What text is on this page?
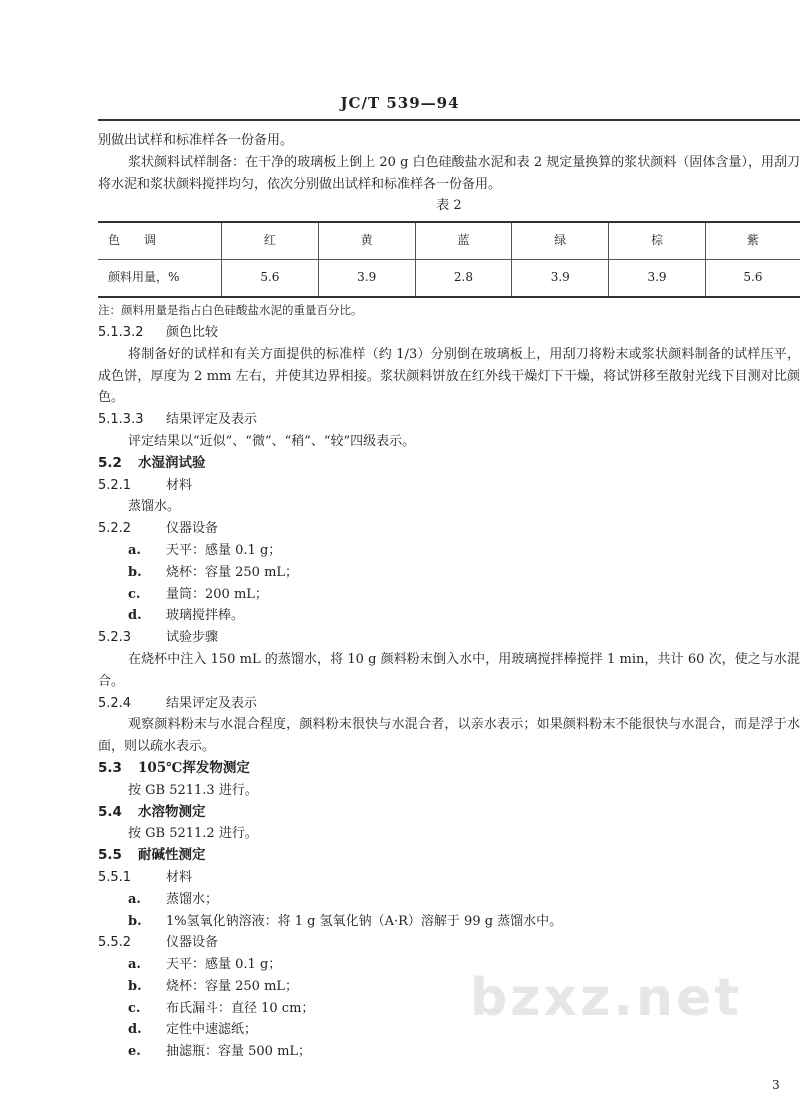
bzxz.net
JC/T 539—94
别做出试样和标准样各一份备用。
浆状颜料试样制备：在干净的玻璃板上倒上 20 g 白色硅酸盐水泥和表 2 规定量换算的浆状颜料（固体含量），用刮刀将水泥和浆状颜料搅拌均匀，依次分别做出试样和标准样各一份备用。
表 2
色　　调	红	黄	蓝	绿	棕	紫
颜料用量，%	5.6	3.9	2.8	3.9	3.9	5.6
注：颜料用量是指占白色硅酸盐水泥的重量百分比。
5.1.3.2 颜色比较
将制备好的试样和有关方面提供的标准样（约 1/3）分别倒在玻璃板上，用刮刀将粉末或浆状颜料制备的试样压平，成色饼，厚度为 2 mm 左右，并使其边界相接。浆状颜料饼放在红外线干燥灯下干燥，将试饼移至散射光线下目测对比颜色。
5.1.3.3 结果评定及表示
评定结果以“近似”、“微”、“稍”、“较”四级表示。
5.2 水湿润试验
5.2.1	材料
蒸馏水。
5.2.2	仪器设备
a. 天平：感量 0.1 g；
b. 烧杯：容量 250 mL；
c. 量筒：200 mL；
d. 玻璃搅拌棒。
5.2.3	试验步骤
在烧杯中注入 150 mL 的蒸馏水，将 10 g 颜料粉末倒入水中，用玻璃搅拌棒搅拌 1 min，共计 60 次，使之与水混合。
5.2.4	结果评定及表示
观察颜料粉末与水混合程度，颜料粉末很快与水混合者，以亲水表示；如果颜料粉末不能很快与水混合，而是浮于水面，则以疏水表示。
5.3 105℃挥发物测定
按 GB 5211.3 进行。
5.4 水溶物测定
按 GB 5211.2 进行。
5.5 耐碱性测定
5.5.1	材料
a. 蒸馏水；
b. 1%氢氧化钠溶液：将 1 g 氢氧化钠（A·R）溶解于 99 g 蒸馏水中。
5.5.2	仪器设备
a. 天平：感量 0.1 g；
b. 烧杯：容量 250 mL；
c. 布氏漏斗：直径 10 cm；
d. 定性中速滤纸；
e. 抽滤瓶：容量 500 mL；
3
